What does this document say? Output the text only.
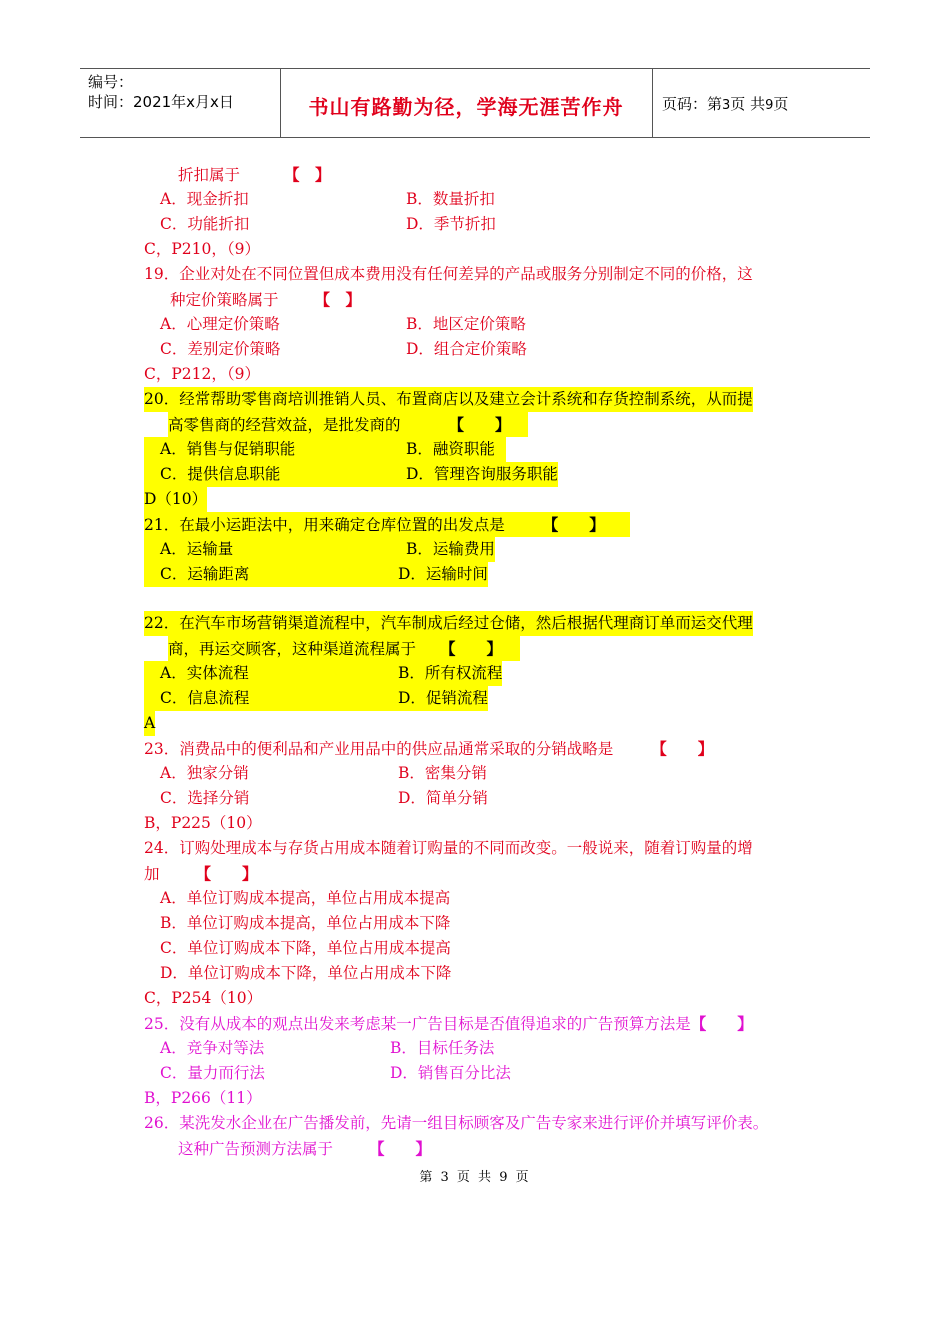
编号：
时间：2021年x月x日	书山有路勤为径，学海无涯苦作舟	页码：第3页 共9页
折扣属于	【　】
A．现金折扣	B．数量折扣
C．功能折扣	D．季节折扣
C，P210，（9）
19．企业对处在不同位置但成本费用没有任何差异的产品或服务分别制定不同的价格，这
种定价策略属于 【　】
A．心理定价策略	B．地区定价策略
C．差别定价策略	D．组合定价策略
C，P212，（9）
20．经常帮助零售商培训推销人员、布置商店以及建立会计系统和存货控制系统，从而提
高零售商的经营效益，是批发商的	【　　】
A．销售与促销职能	B．融资职能
C．提供信息职能	D．管理咨询服务职能
D（10）
21．在最小运距法中，用来确定仓库位置的出发点是 【　　】
A．运输量	B．运输费用
C．运输距离	D．运输时间
22．在汽车市场营销渠道流程中，汽车制成后经过仓储，然后根据代理商订单而运交代理
商，再运交顾客，这种渠道流程属于 【　　】
A．实体流程	B．所有权流程
C．信息流程	D．促销流程
A
23．消费品中的便利品和产业用品中的供应品通常采取的分销战略是 【　　】
A．独家分销	B．密集分销
C．选择分销	D．简单分销
B，P225（10）
24．订购处理成本与存货占用成本随着订购量的不同而改变。一般说来，随着订购量的增
加 【　　】
A．单位订购成本提高，单位占用成本提高
B．单位订购成本提高，单位占用成本下降
C．单位订购成本下降，单位占用成本提高
D．单位订购成本下降，单位占用成本下降
C，P254（10）
25．没有从成本的观点出发来考虑某一广告目标是否值得追求的广告预算方法是【　　】
A．竞争对等法	B．目标任务法
C．量力而行法	D．销售百分比法
B，P266（11）
26．某洗发水企业在广告播发前，先请一组目标顾客及广告专家来进行评价并填写评价表。
这种广告预测方法属于 【　　】
第 3 页 共 9 页
